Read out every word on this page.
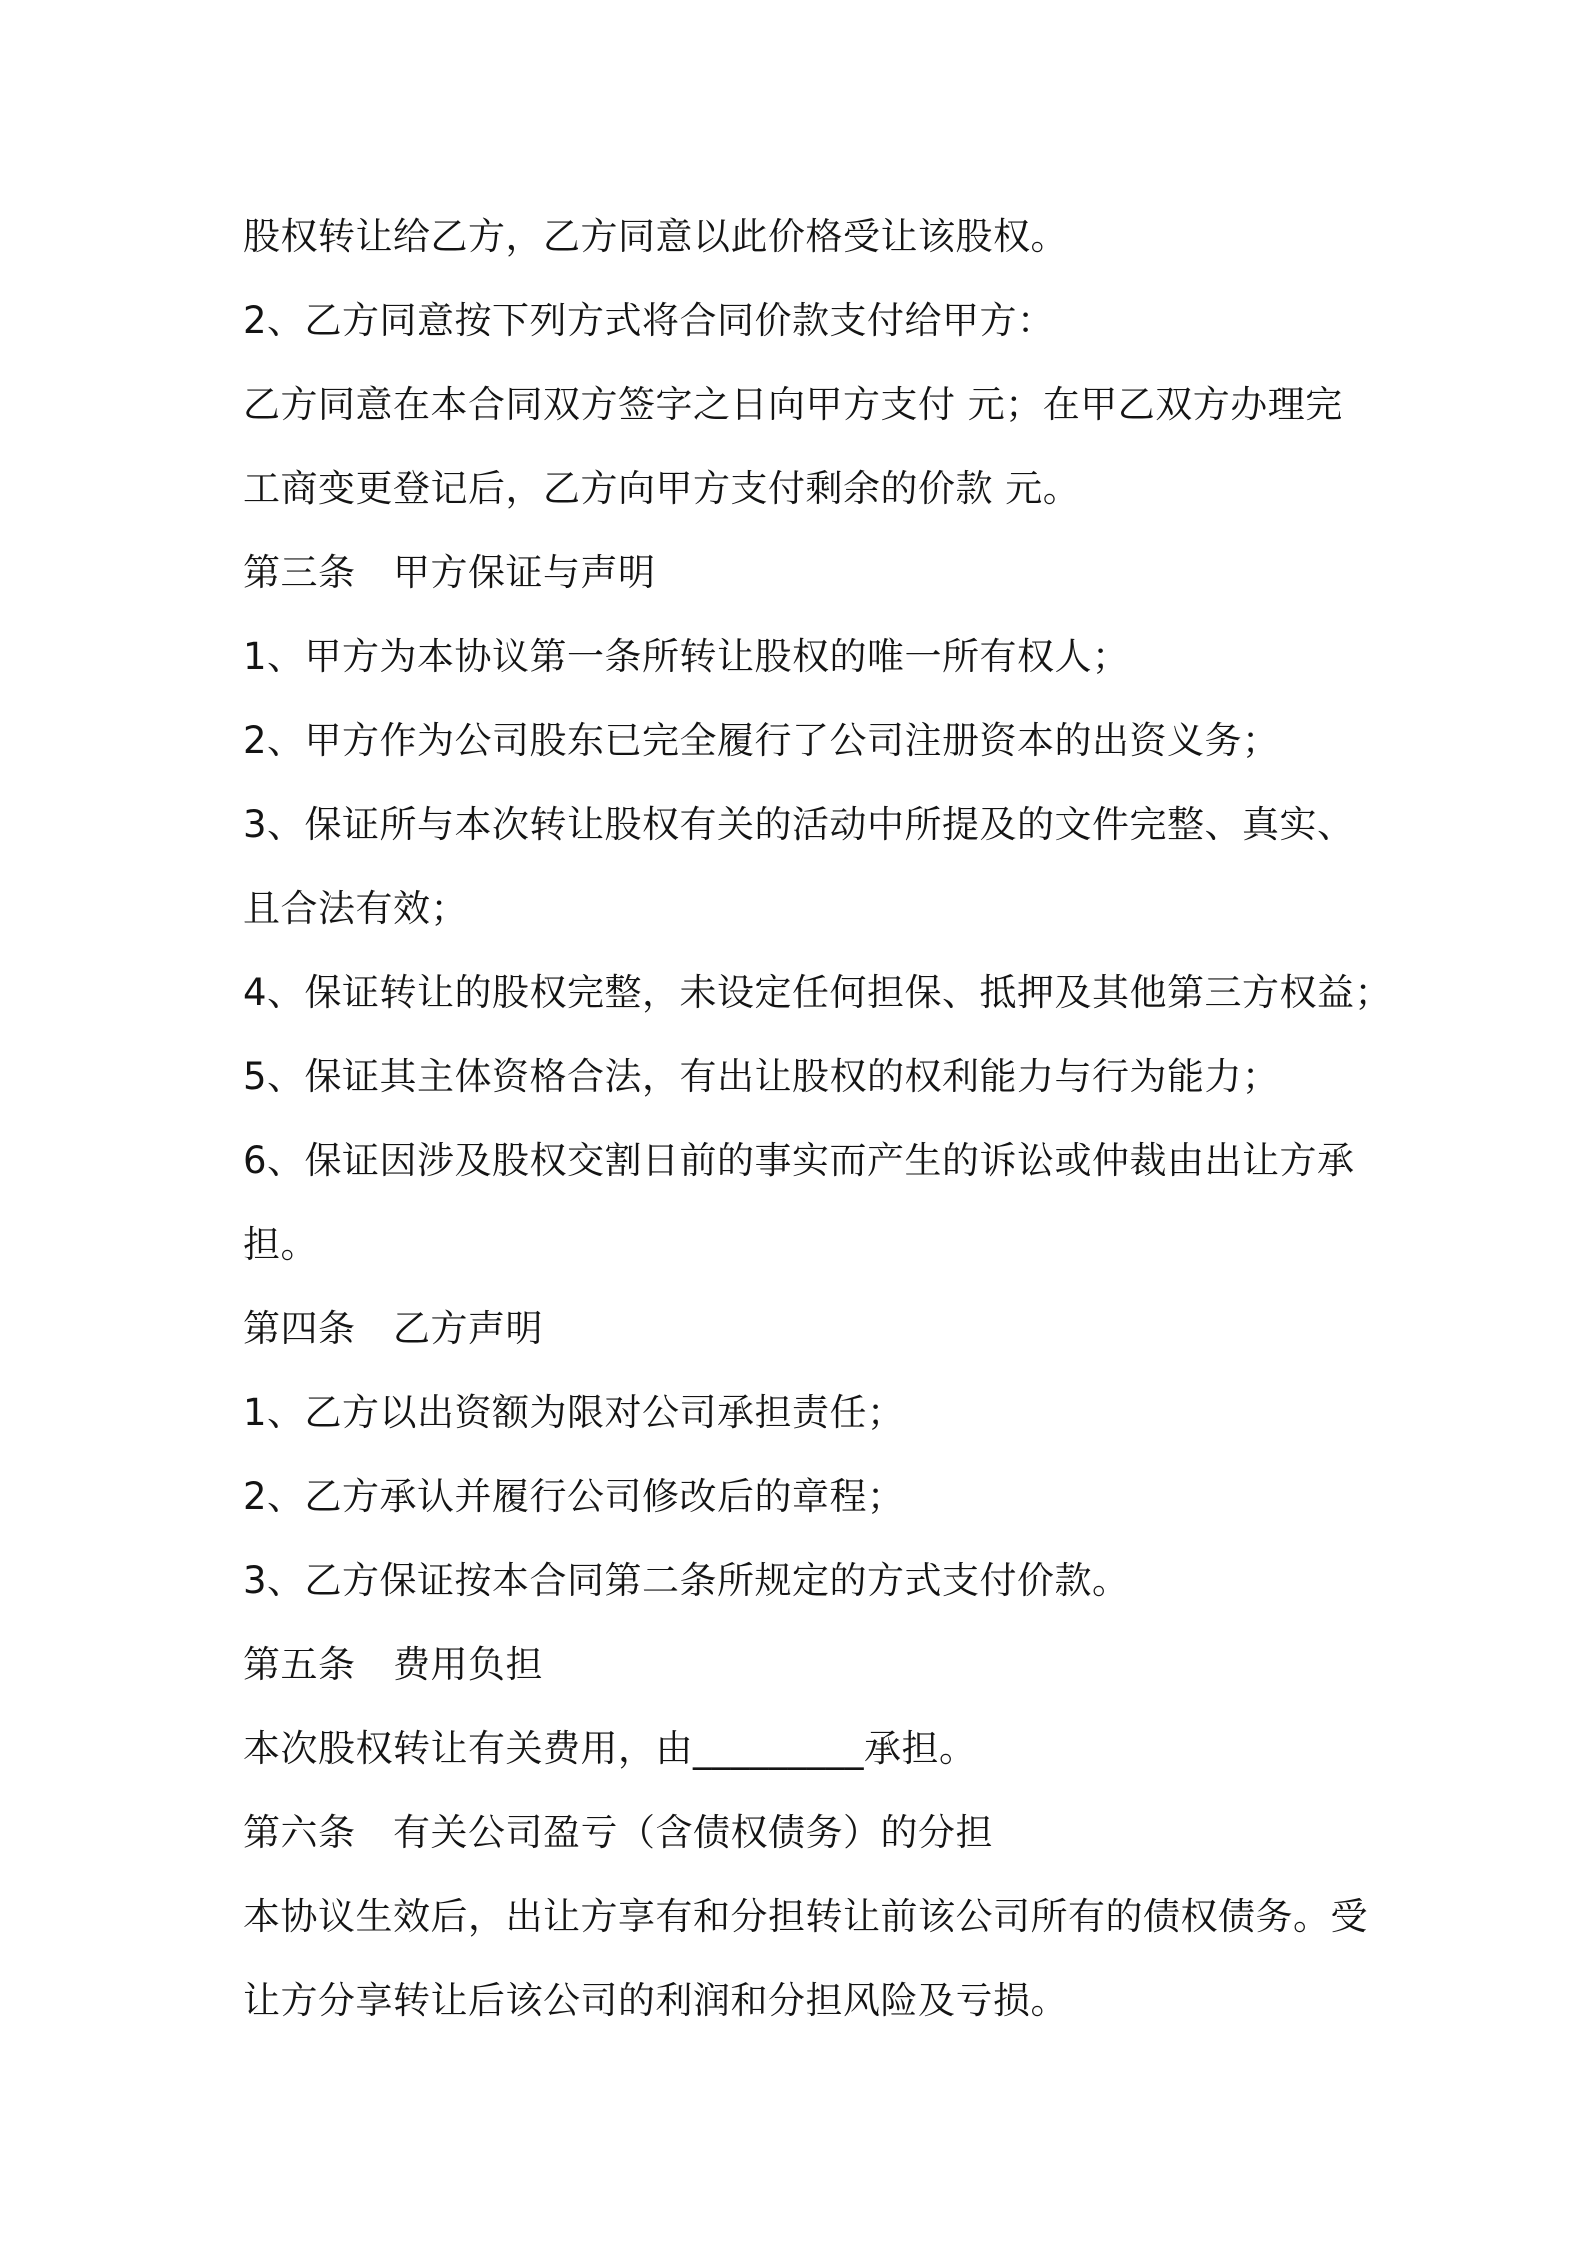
股权转让给乙方，乙方同意以此价格受让该股权。
2、乙方同意按下列方式将合同价款支付给甲方：
乙方同意在本合同双方签字之日向甲方支付 元；在甲乙双方办理完
工商变更登记后，乙方向甲方支付剩余的价款 元。
第三条　甲方保证与声明
1、甲方为本协议第一条所转让股权的唯一所有权人；
2、甲方作为公司股东已完全履行了公司注册资本的出资义务；
3、保证所与本次转让股权有关的活动中所提及的文件完整、真实、
且合法有效；
4、保证转让的股权完整，未设定任何担保、抵押及其他第三方权益；
5、保证其主体资格合法，有出让股权的权利能力与行为能力；
6、保证因涉及股权交割日前的事实而产生的诉讼或仲裁由出让方承
担。
第四条　乙方声明
1、乙方以出资额为限对公司承担责任；
2、乙方承认并履行公司修改后的章程；
3、乙方保证按本合同第二条所规定的方式支付价款。
第五条　费用负担
本次股权转让有关费用，由_________承担。
第六条　有关公司盈亏（含债权债务）的分担
本协议生效后，出让方享有和分担转让前该公司所有的债权债务。受
让方分享转让后该公司的利润和分担风险及亏损。
